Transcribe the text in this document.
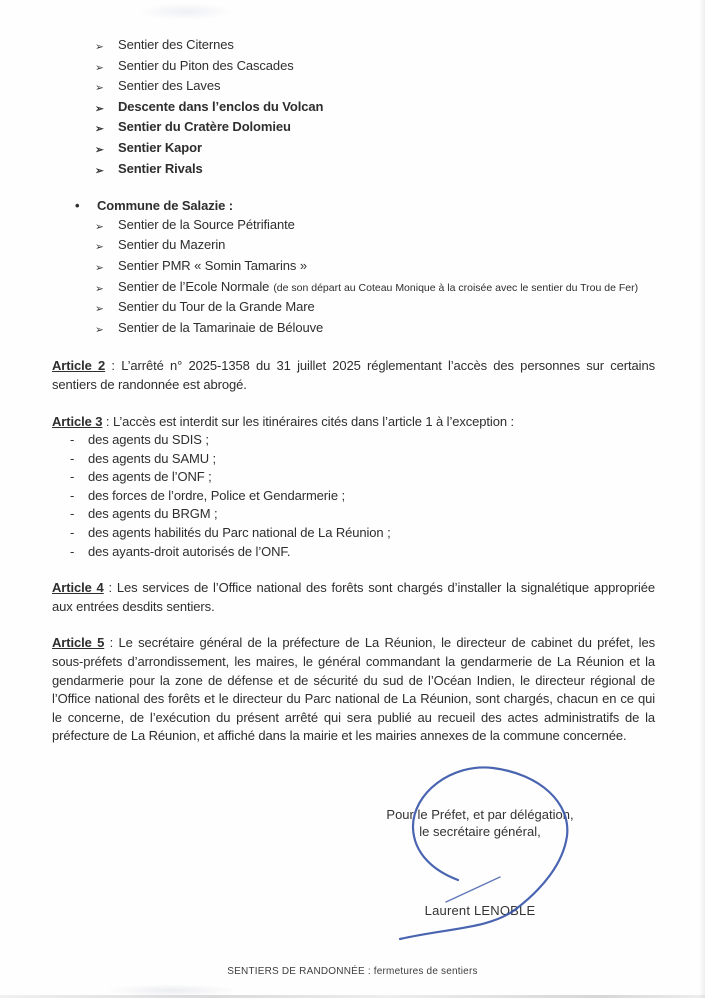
➢	Sentier des Citernes
➢	Sentier du Piton des Cascades
➢	Sentier des Laves
➢	Descente dans l’enclos du Volcan
➢	Sentier du Cratère Dolomieu
➢	Sentier Kapor
➢	Sentier Rivals
•	Commune de Salazie :
➢	Sentier de la Source Pétrifiante
➢	Sentier du Mazerin
➢	Sentier PMR « Somin Tamarins »
➢	Sentier de l’Ecole Normale (de son départ au Coteau Monique à la croisée avec le sentier du Trou de Fer)
➢	Sentier du Tour de la Grande Mare
➢	Sentier de la Tamarinaie de Bélouve

Article 2 : L’arrêté n° 2025-1358 du 31 juillet 2025 réglementant l’accès des personnes sur certains sentiers de randonnée est abrogé.

Article 3 : L’accès est interdit sur les itinéraires cités dans l’article 1 à l’exception :

-	des agents du SDIS ;
-	des agents du SAMU ;
-	des agents de l’ONF ;
-	des forces de l’ordre, Police et Gendarmerie ;
-	des agents du BRGM ;
-	des agents habilités du Parc national de La Réunion ;
-	des ayants-droit autorisés de l’ONF.

Article 4 : Les services de l’Office national des forêts sont chargés d’installer la signalétique appropriée aux entrées desdits sentiers.

Article 5 : Le secrétaire général de la préfecture de La Réunion, le directeur de cabinet du préfet, les sous-préfets d’arrondissement, les maires, le général commandant la gendarmerie de La Réunion et la gendarmerie pour la zone de défense et de sécurité du sud de l’Océan Indien, le directeur régional de l’Office national des forêts et le directeur du Parc national de La Réunion, sont chargés, chacun en ce qui le concerne, de l’exécution du présent arrêté qui sera publié au recueil des actes administratifs de la préfecture de La Réunion, et affiché dans la mairie et les mairies annexes de la commune concernée.

Pour le Préfet, et par délégation,
le secrétaire général,
Laurent LENOBLE
SENTIERS DE RANDONNÉE : fermetures de sentiers
